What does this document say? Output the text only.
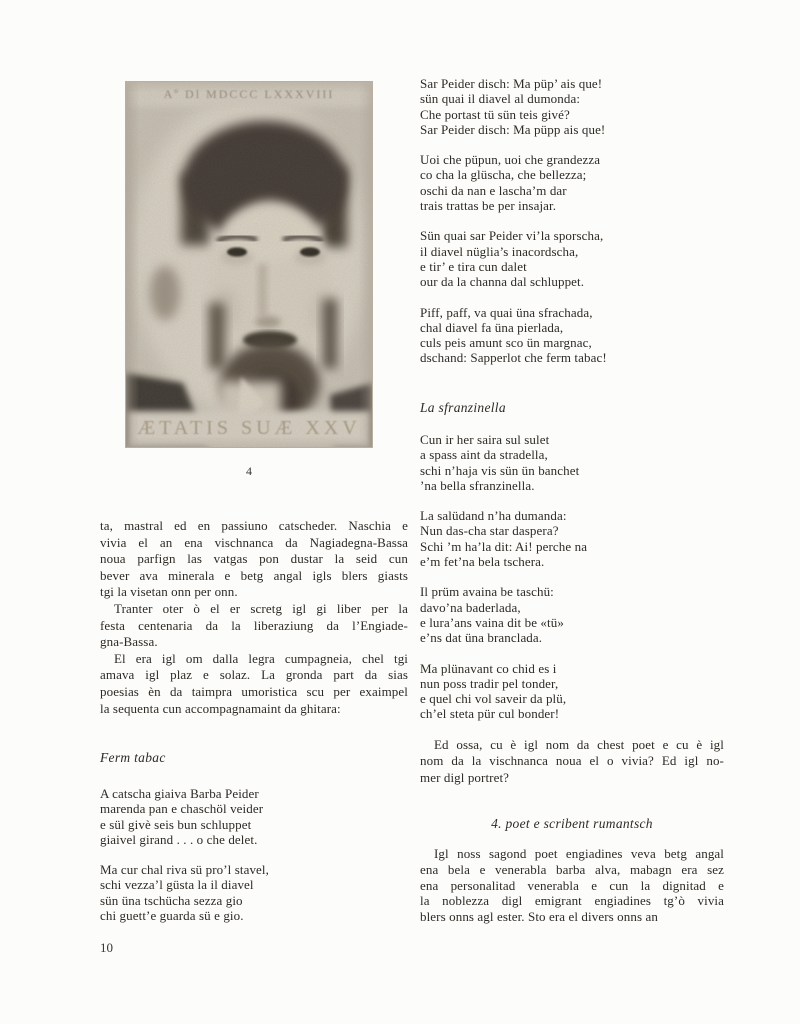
4
ta, mastral ed en passiuno catscheder. Naschia e
vivia el an ena vischnanca da Nagiadegna-Bassa
noua parfign las vatgas pon dustar la seid cun
bever ava minerala e betg angal igls blers giasts
tgi la visetan onn per onn.
Tranter oter ò el er scretg igl gi liber per la
festa centenaria da la liberaziung da l’Engiade-
gna-Bassa.
El era igl om dalla legra cumpagneia, chel tgi
amava igl plaz e solaz. La gronda part da sias
poesias èn da taimpra umoristica scu per exaimpel
la sequenta cun accompagnamaint da ghitara:
Ferm tabac
A catscha giaiva Barba Peider
marenda pan e chaschöl veider
e sül givè seis bun schluppet
giaivel girand . . . o che delet.
Ma cur chal riva sü pro’l stavel,
schi vezza’l güsta la il diavel
sün üna tschücha sezza gio
chi guett’e guarda sü e gio.
10
Sar Peider disch: Ma püp’ ais que!
sün quai il diavel al dumonda:
Che portast tü sün teis givé?
Sar Peider disch: Ma püpp ais que!
Uoi che püpun, uoi che grandezza
co cha la glüscha, che bellezza;
oschi da nan e lascha’m dar
trais trattas be per insajar.
Sün quai sar Peider vi’la sporscha,
il diavel nüglia’s inacordscha,
e tir’ e tira cun dalet
our da la channa dal schluppet.
Piff, paff, va quai üna sfrachada,
chal diavel fa üna pierlada,
culs peis amunt sco ün margnac,
dschand: Sapperlot che ferm tabac!
La sfranzinella
Cun ir her saira sul sulet
a spass aint da stradella,
schi n’haja vis sün ün banchet
’na bella sfranzinella.
La salüdand n’ha dumanda:
Nun das-cha star daspera?
Schi ’m ha’la dit: Ai! perche na
e’m fet’na bela tschera.
Il prüm avaina be taschü:
davo’na baderlada,
e lura’ans vaina dit be «tü»
e’ns dat üna branclada.
Ma plünavant co chid es i
nun poss tradir pel tonder,
e quel chi vol saveir da plü,
ch’el steta pür cul bonder!
Ed ossa, cu è igl nom da chest poet e cu è igl
nom da la vischnanca noua el o vivia? Ed igl no-
mer digl portret?
4. poet e scribent rumantsch
Igl noss sagond poet engiadines veva betg angal
ena bela e venerabla barba alva, mabagn era sez
ena personalitad venerabla e cun la dignitad e
la noblezza digl emigrant engiadines tg’ò vivia
blers onns agl ester. Sto era el divers onns an
